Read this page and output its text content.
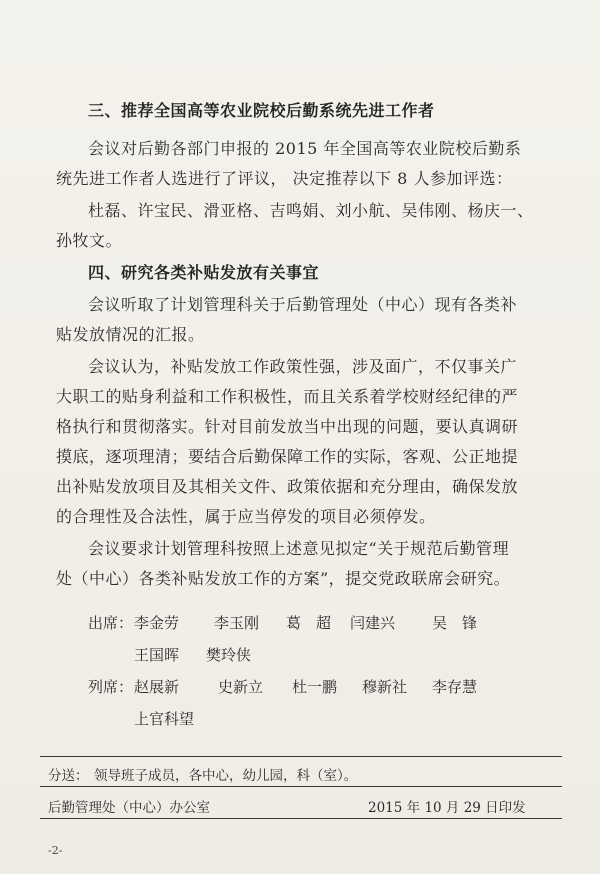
三、推荐全国高等农业院校后勤系统先进工作者
会议对后勤各部门申报的 2015 年全国高等农业院校后勤系
统先进工作者人选进行了评议， 决定推荐以下 8 人参加评选：
杜磊、许宝民、滑亚格、吉鸣娟、刘小航、吴伟刚、杨庆一、
孙牧文。
四、研究各类补贴发放有关事宜
会议听取了计划管理科关于后勤管理处（中心）现有各类补
贴发放情况的汇报。
会议认为，补贴发放工作政策性强，涉及面广，不仅事关广
大职工的贴身利益和工作积极性，而且关系着学校财经纪律的严
格执行和贯彻落实。针对目前发放当中出现的问题，要认真调研
摸底，逐项理清；要结合后勤保障工作的实际，客观、公正地提
出补贴发放项目及其相关文件、政策依据和充分理由，确保发放
的合理性及合法性，属于应当停发的项目必须停发。
会议要求计划管理科按照上述意见拟定“关于规范后勤管理
处（中心）各类补贴发放工作的方案”，提交党政联席会研究。
出席： 李金劳 李玉刚 葛　超 闫建兴 吴　锋
王国晖 樊玲侠
列席： 赵展新	史新立 杜一鹏 穆新社 李存慧
上官科望
分送： 领导班子成员，各中心，幼儿园，科（室）。
后勤管理处（中心）办公室	2015 年 10 月 29 日印发
-2-
